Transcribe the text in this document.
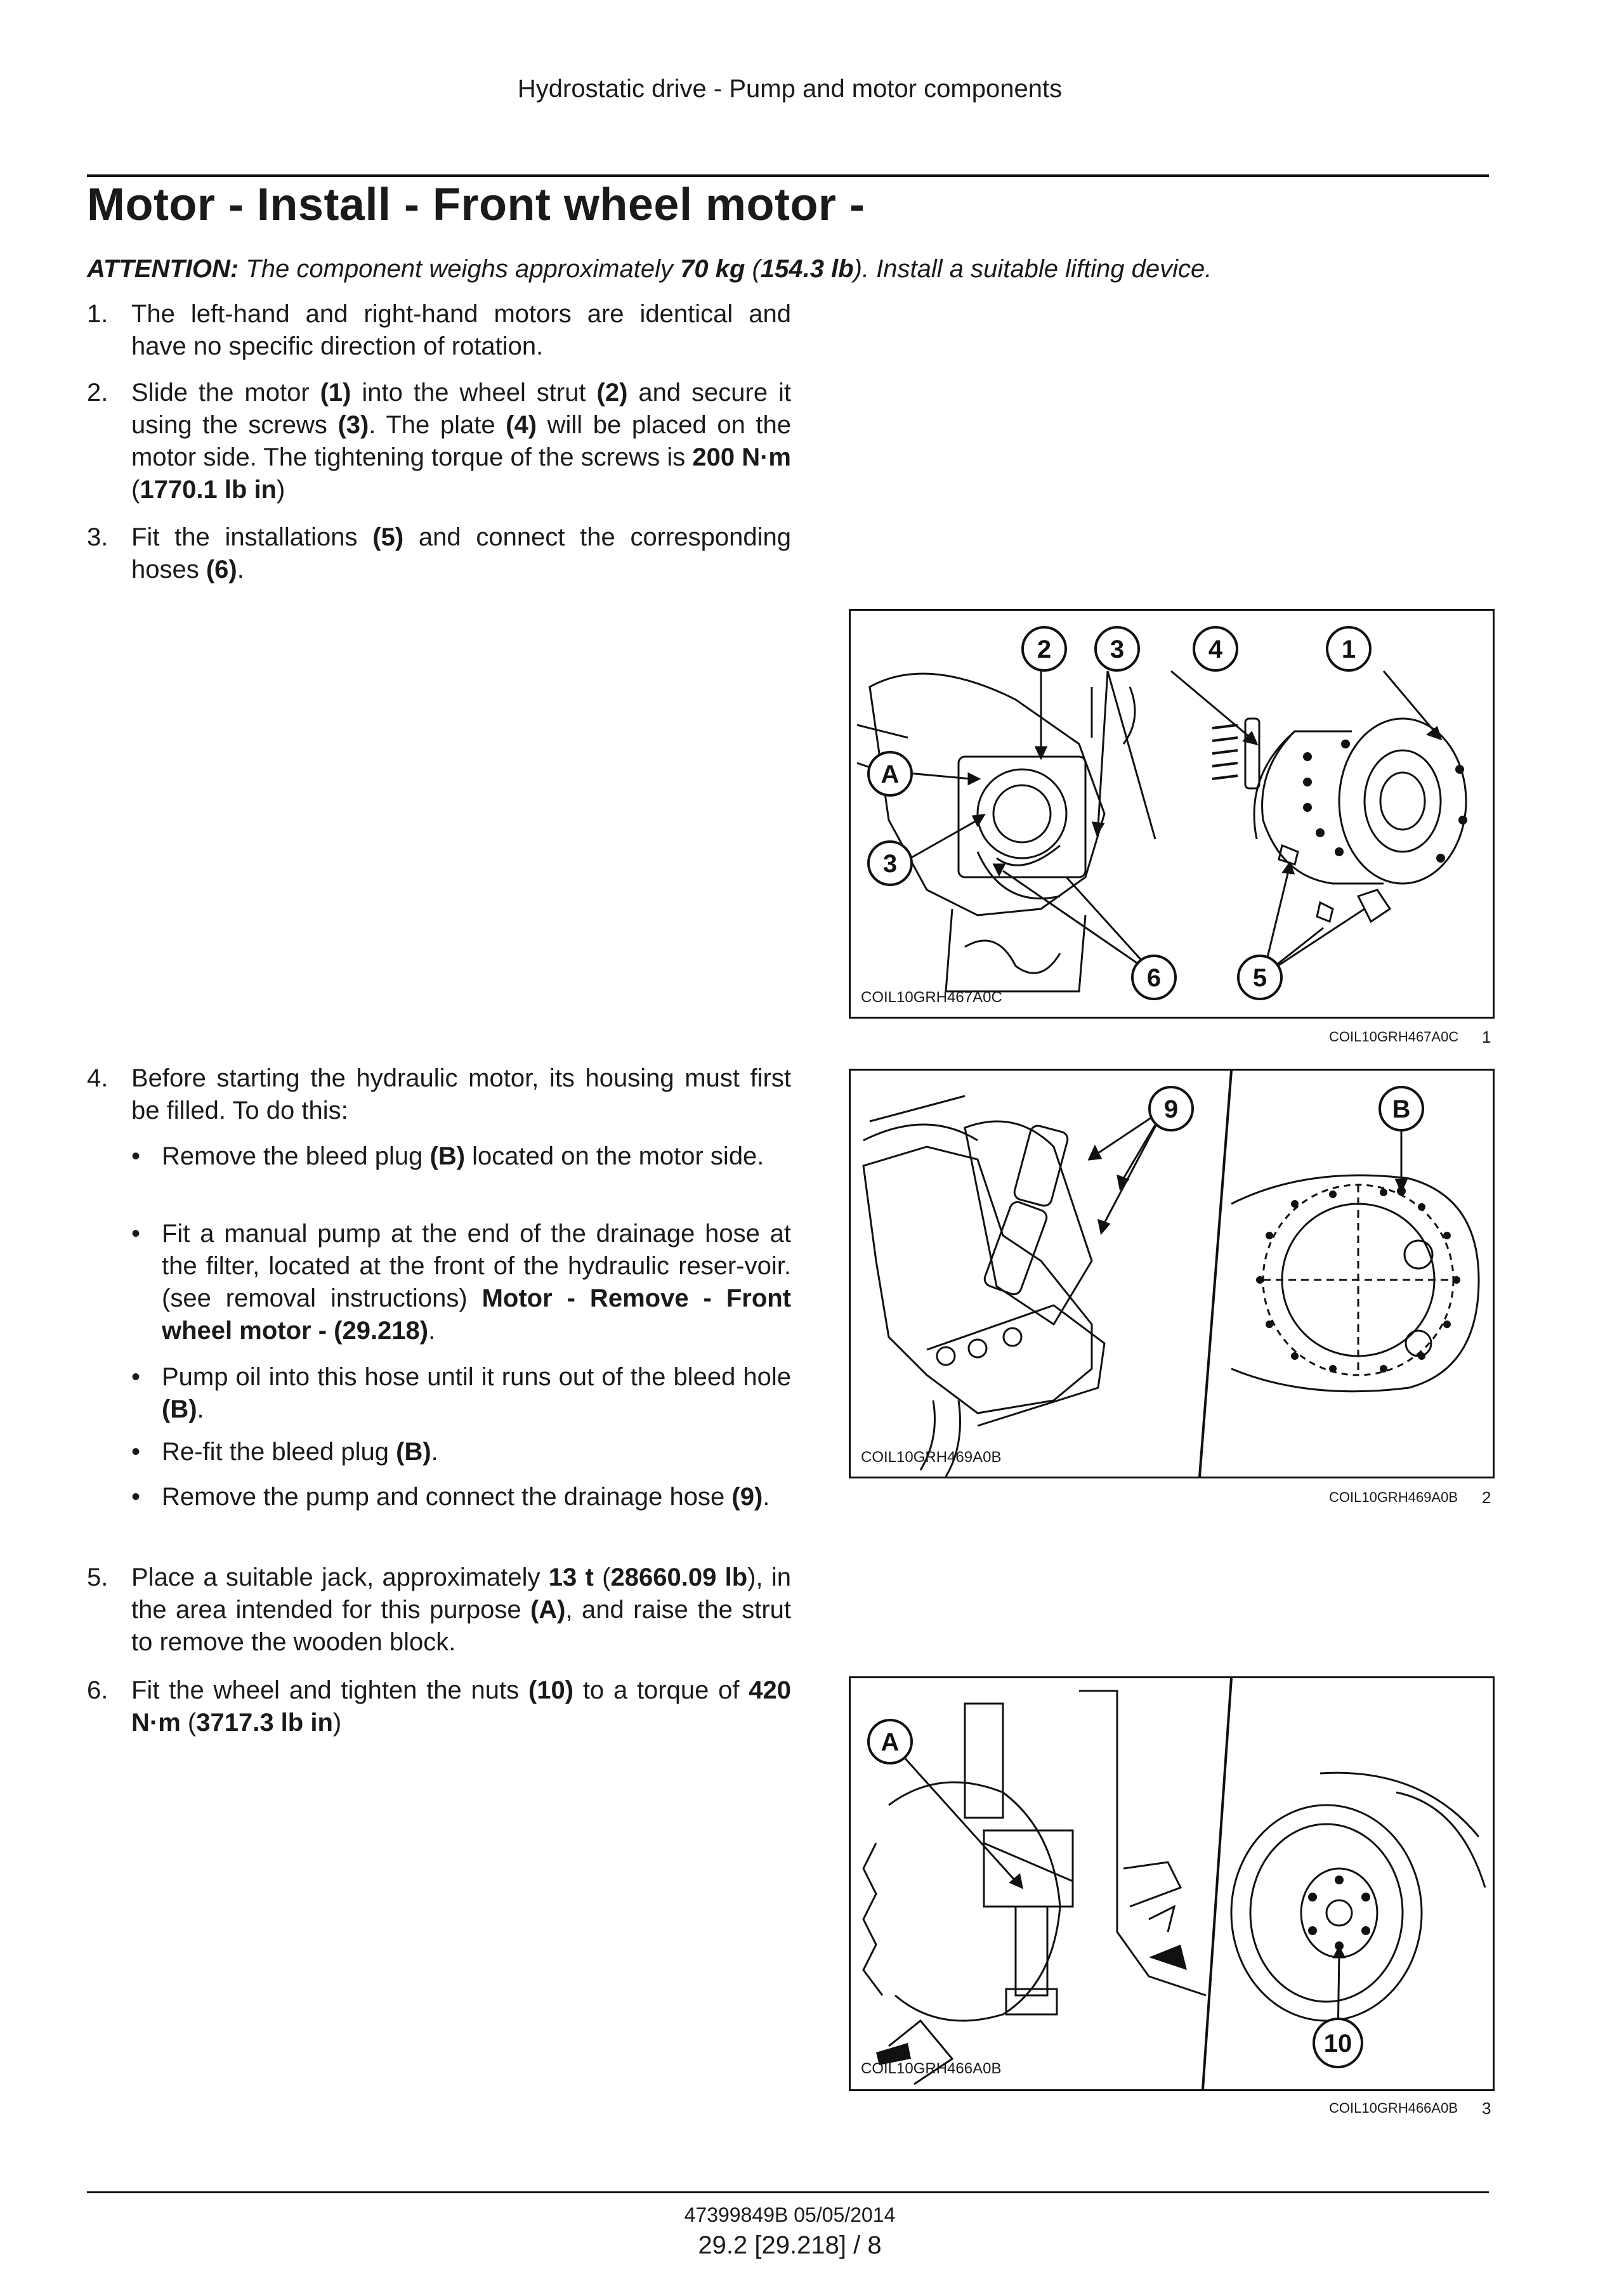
Hydrostatic drive - Pump and motor components
Motor - Install - Front wheel motor -
ATTENTION: The component weighs approximately 70 kg (154.3 lb). Install a suitable lifting device.
1. The left-hand and right-hand motors are identical and have no specific direction of rotation.
2. Slide the motor (1) into the wheel strut (2) and secure it using the screws (3). The plate (4) will be placed on the motor side. The tightening torque of the screws is 200 N·m (1770.1 lb in)
3. Fit the installations (5) and connect the corresponding hoses (6).
4. Before starting the hydraulic motor, its housing must first be filled. To do this:
• Remove the bleed plug (B) located on the motor side.
• Fit a manual pump at the end of the drainage hose at the filter, located at the front of the hydraulic reser-voir. (see removal instructions) Motor - Remove - Front wheel motor - (29.218).
• Pump oil into this hose until it runs out of the bleed hole (B).
• Re-fit the bleed plug (B).
• Remove the pump and connect the drainage hose (9).
5. Place a suitable jack, approximately 13 t (28660.09 lb), in the area intended for this purpose (A), and raise the strut to remove the wooden block.
6. Fit the wheel and tighten the nuts (10) to a torque of 420 N·m (3717.3 lb in)
2 3	4	1
A
3
6	5
COIL10GRH467A0C
COIL10GRH467A0C 1
9	B
COIL10GRH469A0B
COIL10GRH469A0B 2
A
10
COIL10GRH466A0B
COIL10GRH466A0B 3
47399849B 05/05/2014
29.2 [29.218] / 8
